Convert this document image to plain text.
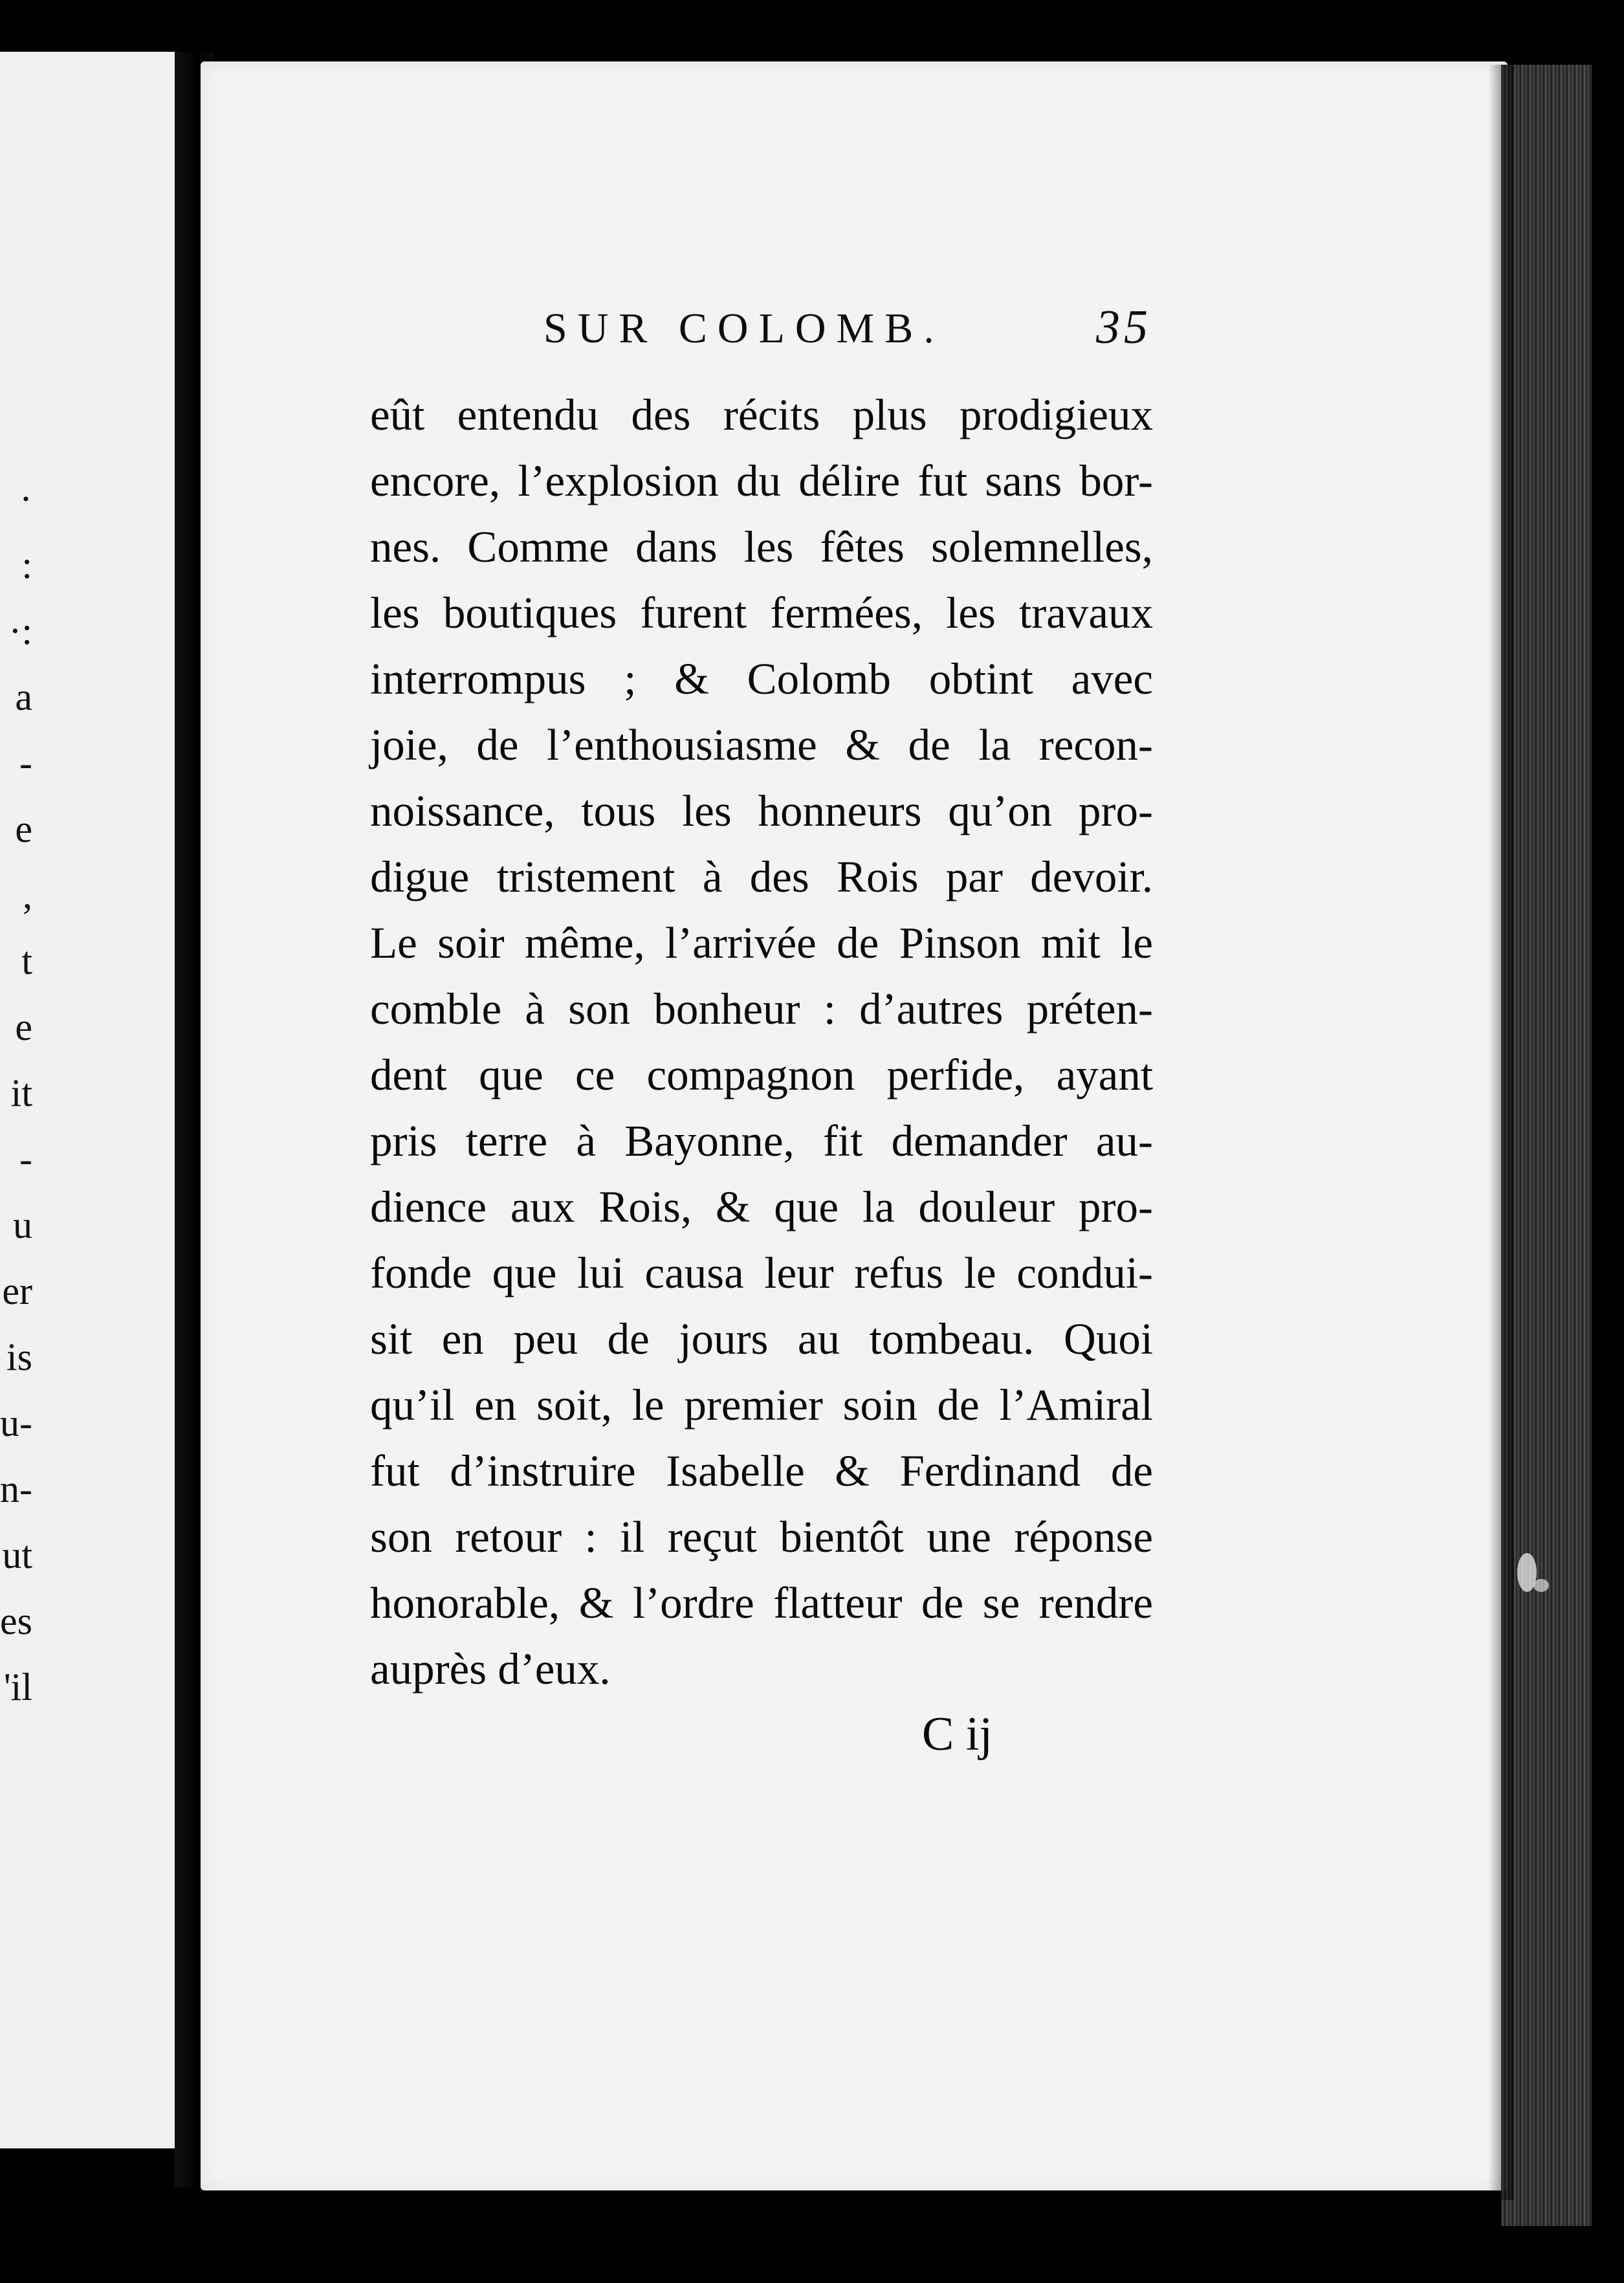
·
:
·:
a
-
e
,
t
e
it
-
u
er
is
u-
n-
ut
es
'il
SUR COLOMB.	35
eût entendu des récits plus prodigieux
encore, l’explosion du délire fut sans bor-
nes. Comme dans les fêtes solemnelles,
les boutiques furent fermées, les travaux
interrompus ; & Colomb obtint avec
joie, de l’enthousiasme & de la recon-
noissance, tous les honneurs qu’on pro-
digue tristement à des Rois par devoir.
Le soir même, l’arrivée de Pinson mit le
comble à son bonheur : d’autres préten-
dent que ce compagnon perfide, ayant
pris terre à Bayonne, fit demander au-
dience aux Rois, & que la douleur pro-
fonde que lui causa leur refus le condui-
sit en peu de jours au tombeau. Quoi
qu’il en soit, le premier soin de l’Amiral
fut d’instruire Isabelle & Ferdinand de
son retour : il reçut bientôt une réponse
honorable, & l’ordre flatteur de se rendre
auprès d’eux.
C ij
